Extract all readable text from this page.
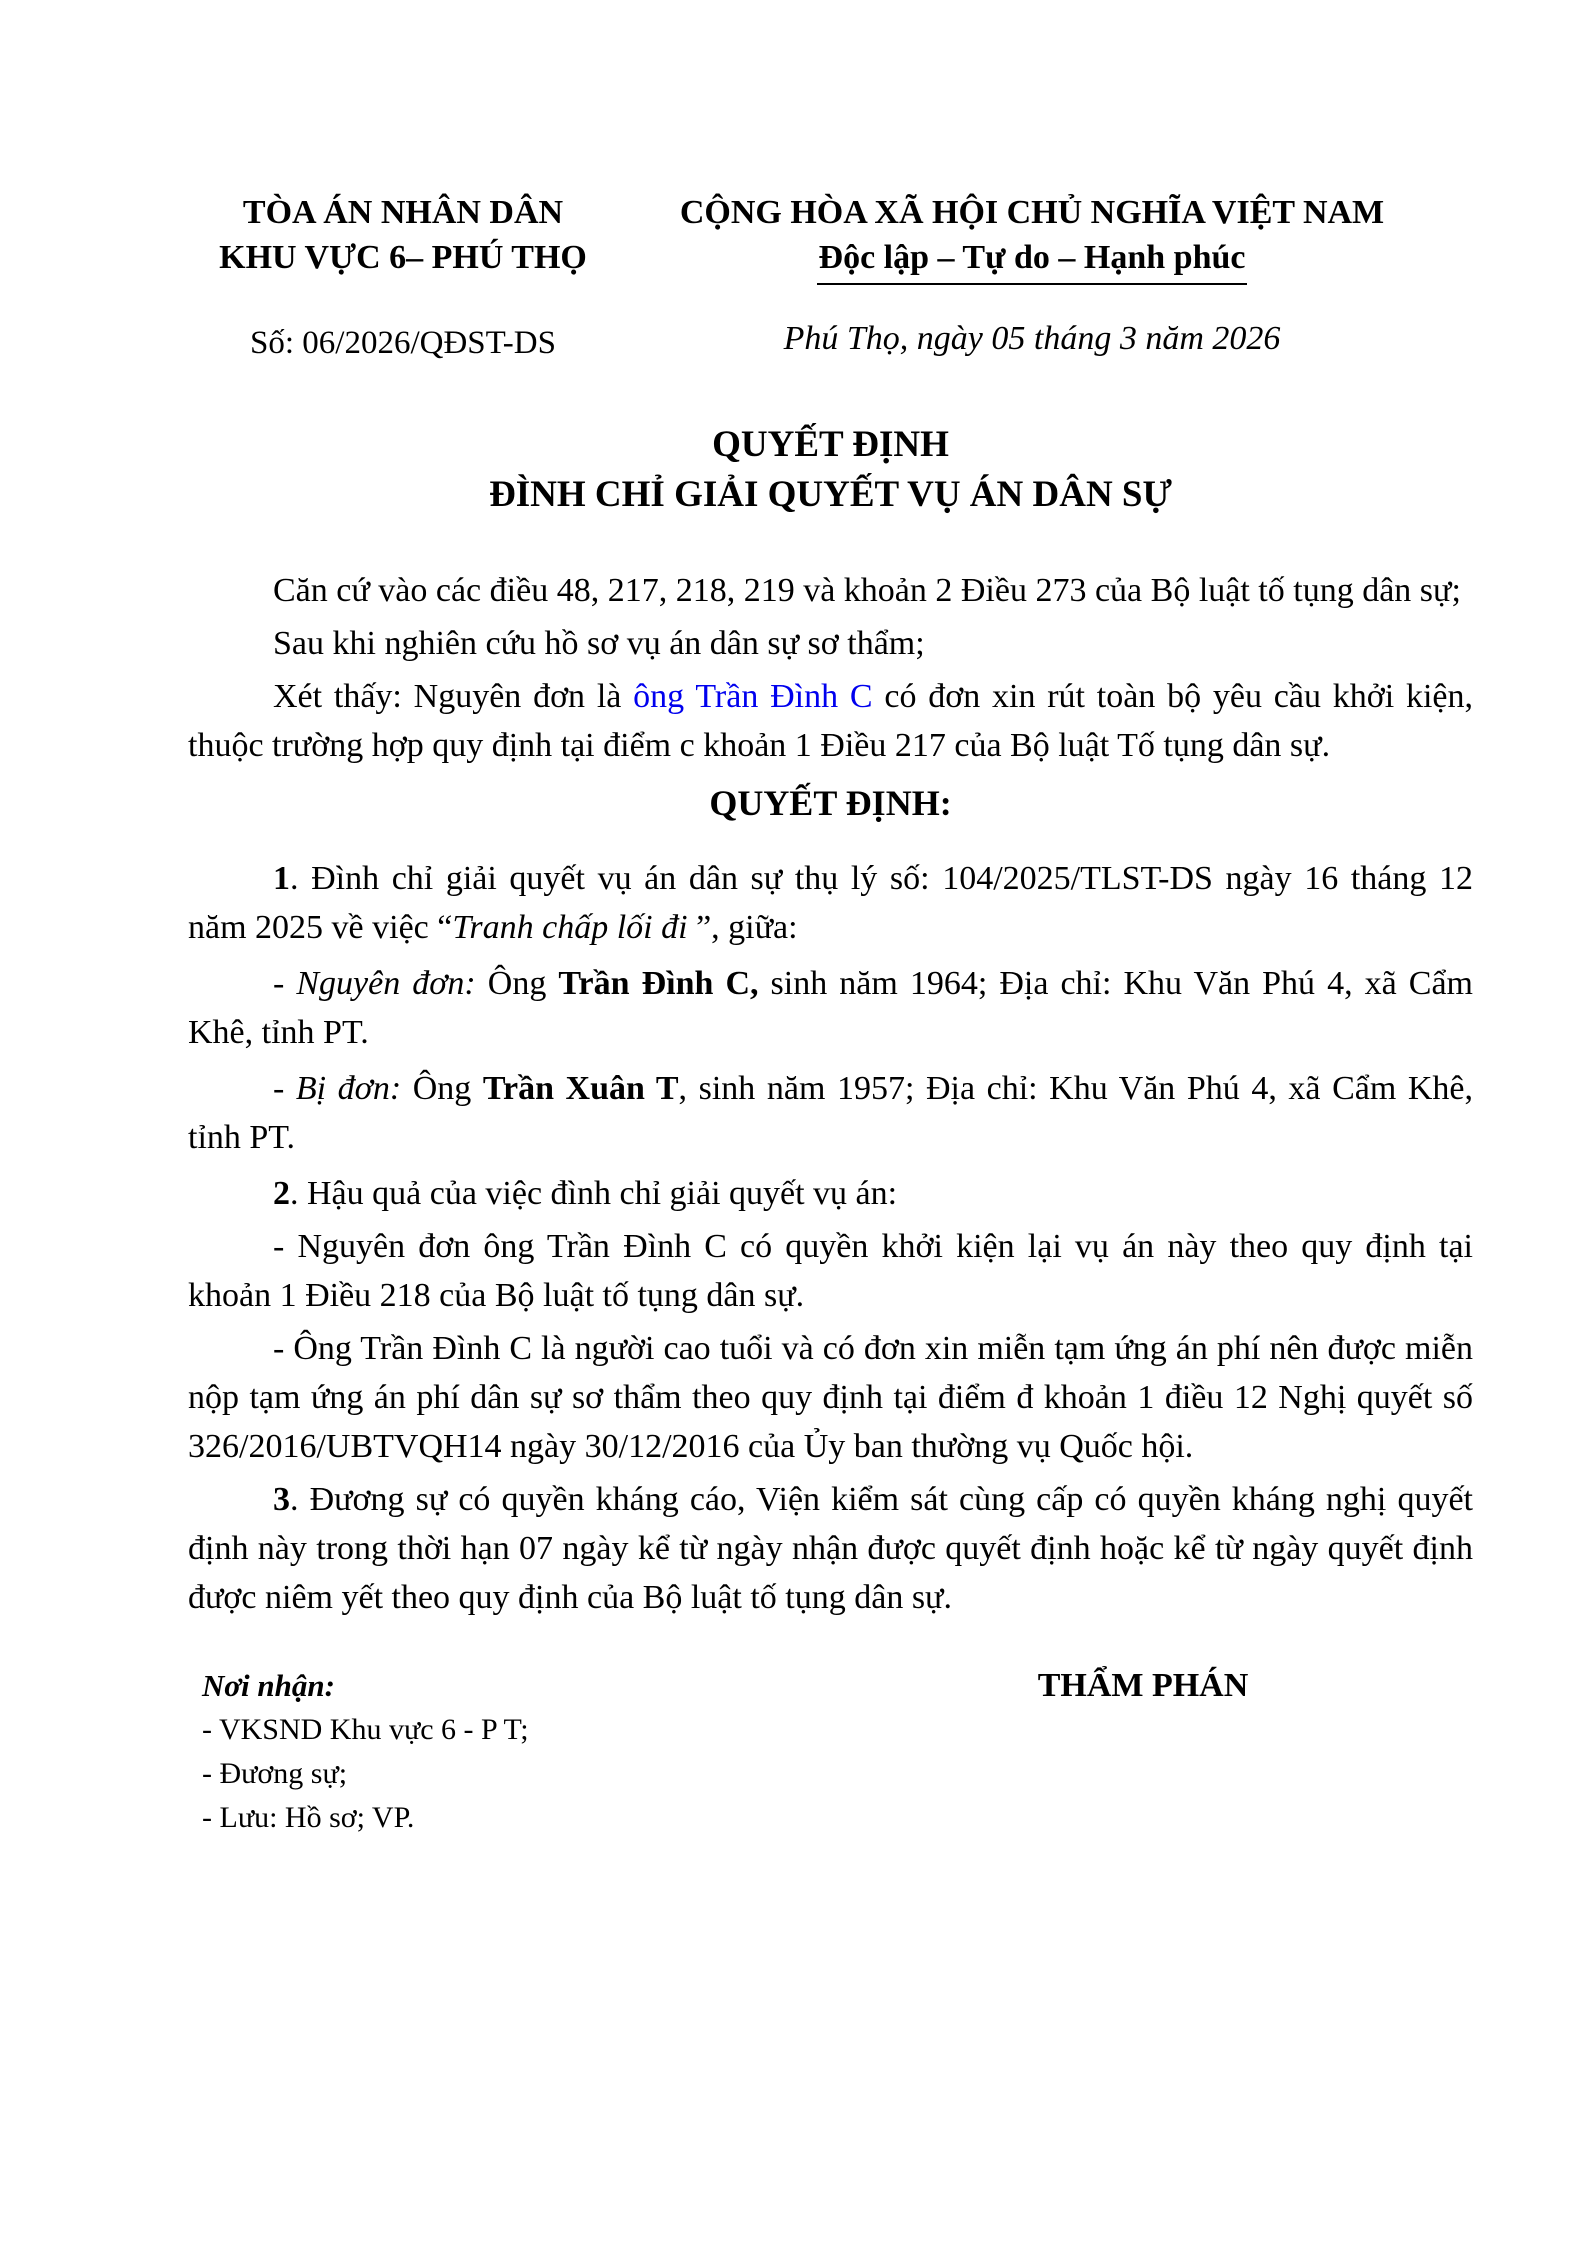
TÒA ÁN NHÂN DÂN
KHU VỰC 6– PHÚ THỌ
Số: 06/2026/QĐST-DS
CỘNG HÒA XÃ HỘI CHỦ NGHĨA VIỆT NAM
Độc lập – Tự do – Hạnh phúc
Phú Thọ, ngày 05 tháng 3 năm 2026
QUYẾT ĐỊNH
ĐÌNH CHỈ GIẢI QUYẾT VỤ ÁN DÂN SỰ

Căn cứ vào các điều 48, 217, 218, 219 và khoản 2 Điều 273 của Bộ luật tố tụng dân sự;

Sau khi nghiên cứu hồ sơ vụ án dân sự sơ thẩm;

Xét thấy: Nguyên đơn là ông Trần Đình C có đơn xin rút toàn bộ yêu cầu khởi kiện, thuộc trường hợp quy định tại điểm c khoản 1 Điều 217 của Bộ luật Tố tụng dân sự.

QUYẾT ĐỊNH:

1. Đình chỉ giải quyết vụ án dân sự thụ lý số: 104/2025/TLST-DS ngày 16 tháng 12 năm 2025 về việc “Tranh chấp lối đi ”, giữa:

- Nguyên đơn: Ông Trần Đình C, sinh năm 1964; Địa chỉ: Khu Văn Phú 4, xã Cẩm Khê, tỉnh PT.

- Bị đơn: Ông Trần Xuân T, sinh năm 1957; Địa chỉ: Khu Văn Phú 4, xã Cẩm Khê, tỉnh PT.

2. Hậu quả của việc đình chỉ giải quyết vụ án:

- Nguyên đơn ông Trần Đình C có quyền khởi kiện lại vụ án này theo quy định tại khoản 1 Điều 218 của Bộ luật tố tụng dân sự.

- Ông Trần Đình C là người cao tuổi và có đơn xin miễn tạm ứng án phí nên được miễn nộp tạm ứng án phí dân sự sơ thẩm theo quy định tại điểm đ khoản 1 điều 12 Nghị quyết số 326/2016/UBTVQH14 ngày 30/12/2016 của Ủy ban thường vụ Quốc hội.

3. Đương sự có quyền kháng cáo, Viện kiểm sát cùng cấp có quyền kháng nghị quyết định này trong thời hạn 07 ngày kể từ ngày nhận được quyết định hoặc kể từ ngày quyết định được niêm yết theo quy định của Bộ luật tố tụng dân sự.

Nơi nhận:
- VKSND Khu vực 6 - P T;
- Đương sự;
- Lưu: Hồ sơ; VP.
THẨM PHÁN
